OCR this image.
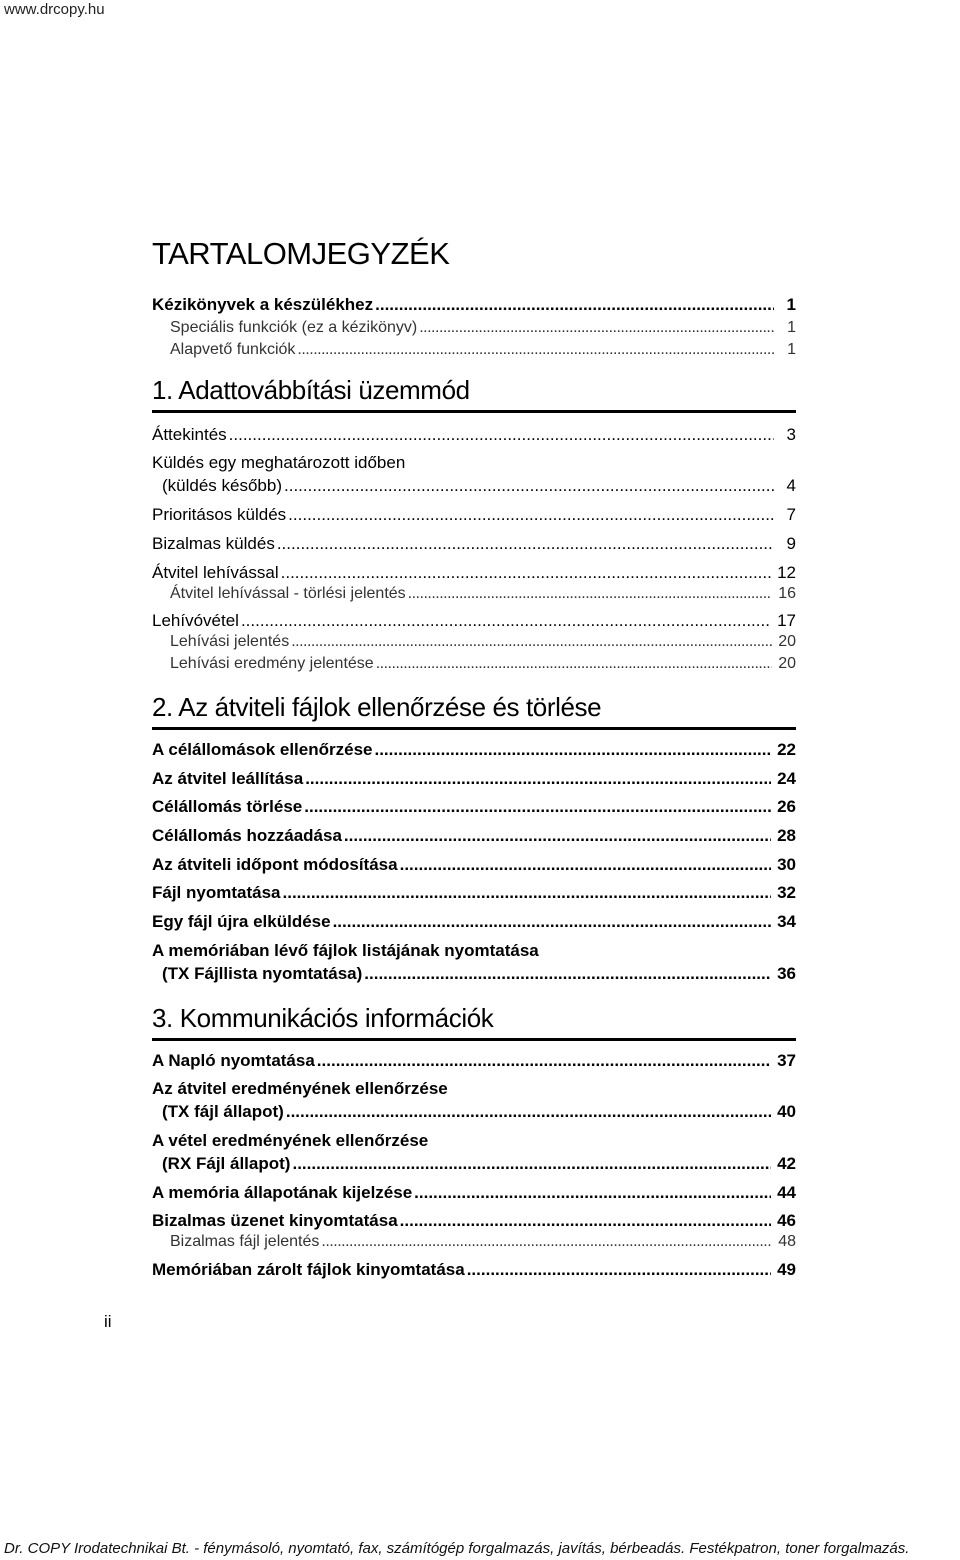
www.drcopy.hu
TARTALOMJEGYZÉK
Kézikönyvek a készülékhez .....	1
Speciális funkciók (ez a kézikönyv) .....	1
Alapvető funkciók .....	1
1. Adattovábbítási üzemmód
Áttekintés .....	3
Küldés egy meghatározott időben
(küldés később) .....	4
Prioritásos küldés .....	7
Bizalmas küldés .....	9
Átvitel lehívással .....	12
Átvitel lehívással - törlési jelentés .....	16
Lehívóvétel .....	17
Lehívási jelentés .....	20
Lehívási eredmény jelentése .....	20
2. Az átviteli fájlok ellenőrzése és törlése
A célállomások ellenőrzése .....	22
Az átvitel leállítása .....	24
Célállomás törlése .....	26
Célállomás hozzáadása .....	28
Az átviteli időpont módosítása .....	30
Fájl nyomtatása .....	32
Egy fájl újra elküldése .....	34
A memóriában lévő fájlok listájának nyomtatása
(TX Fájllista nyomtatása) .....	36
3. Kommunikációs információk
A Napló nyomtatása .....	37
Az átvitel eredményének ellenőrzése
(TX fájl állapot) .....	40
A vétel eredményének ellenőrzése
(RX Fájl állapot) .....	42
A memória állapotának kijelzése .....	44
Bizalmas üzenet kinyomtatása .....	46
Bizalmas fájl jelentés .....	48
Memóriában zárolt fájlok kinyomtatása .....	49
ii
Dr. COPY Irodatechnikai Bt. - fénymásoló, nyomtató, fax, számítógép forgalmazás, javítás, bérbeadás. Festékpatron, toner forgalmazás.
